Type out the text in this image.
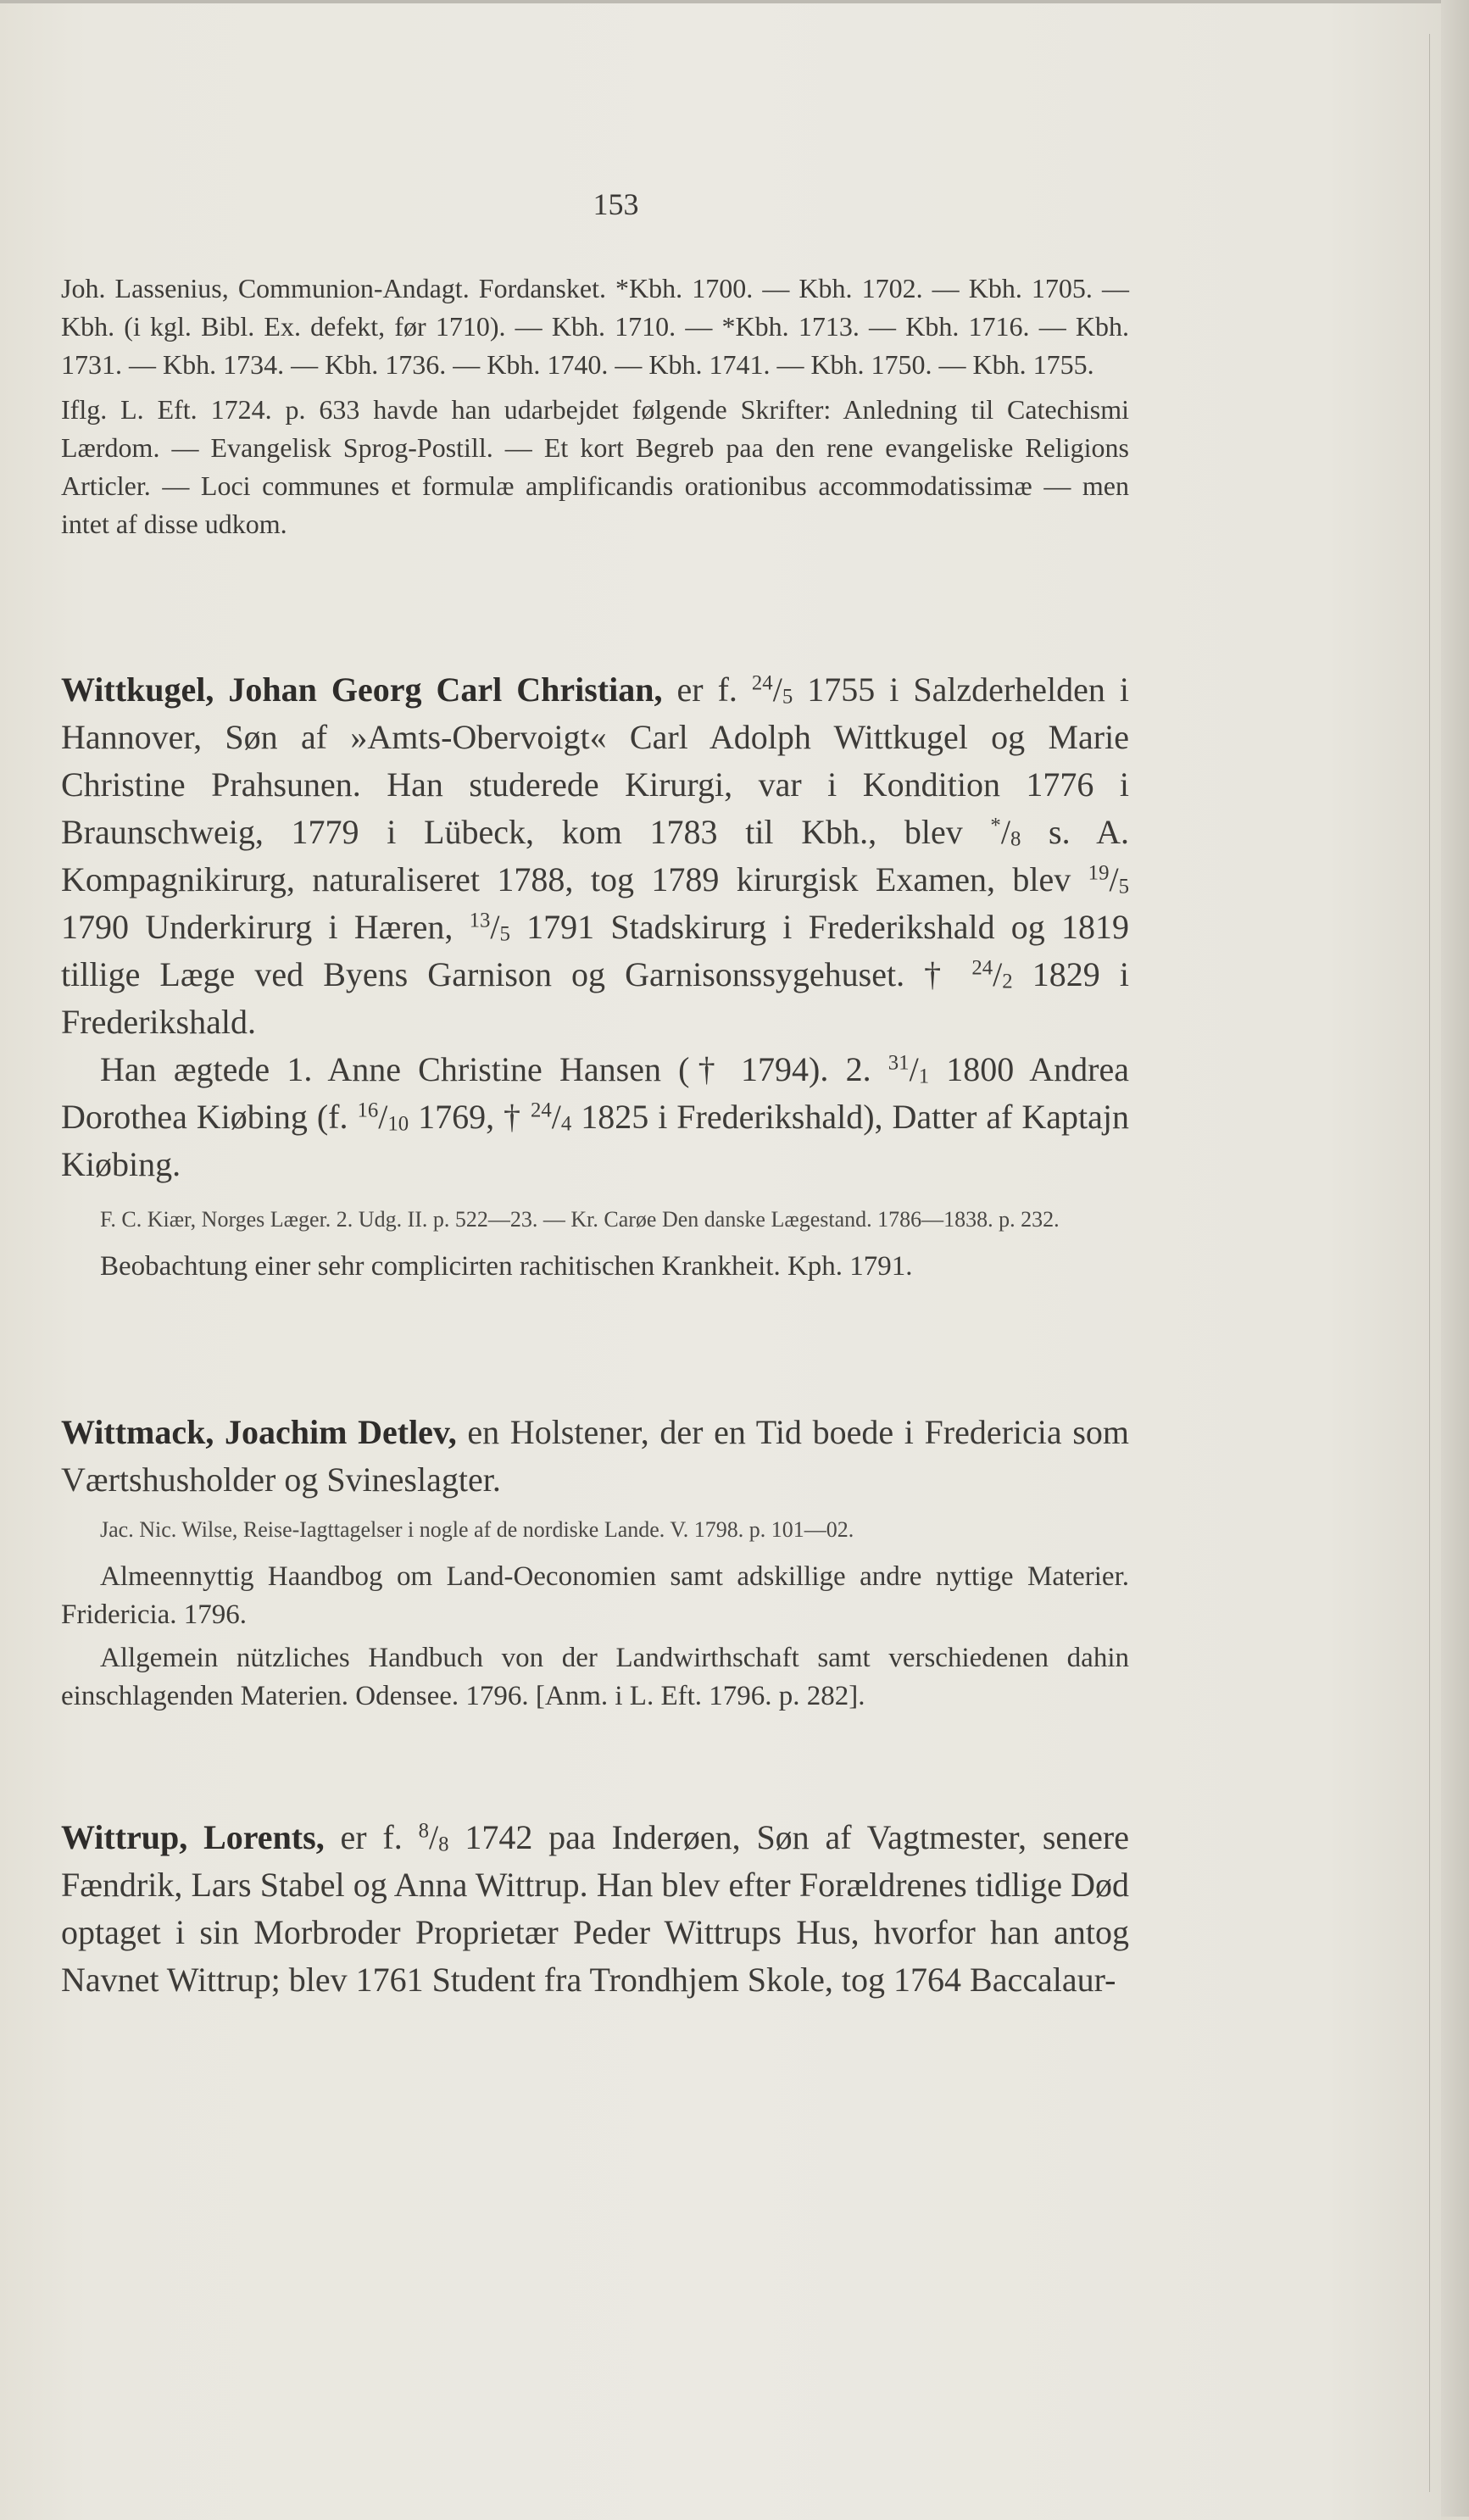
153

Joh. Lassenius, Communion-Andagt. Fordansket. *Kbh. 1700. — Kbh. 1702. — Kbh. 1705. — Kbh. (i kgl. Bibl. Ex. defekt, før 1710). — Kbh. 1710. — *Kbh. 1713. — Kbh. 1716. — Kbh. 1731. — Kbh. 1734. — Kbh. 1736. — Kbh. 1740. — Kbh. 1741. — Kbh. 1750. — Kbh. 1755.

Iflg. L. Eft. 1724. p. 633 havde han udarbejdet følgende Skrifter: Anledning til Catechismi Lærdom. — Evangelisk Sprog-Postill. — Et kort Begreb paa den rene evangeliske Religions Articler. — Loci communes et formulæ amplificandis orationibus accommodatissimæ — men intet af disse udkom.

Wittkugel, Johan Georg Carl Christian, er f. $^{24}/_5$ 1755 i Salzderhelden i Hannover, Søn af »Amts-Obervoigt« Carl Adolph Wittkugel og Marie Christine Prahsunen. Han studerede Kirurgi, var i Kondition 1776 i Braunschweig, 1779 i Lübeck, kom 1783 til Kbh., blev $^*/_8$ s. A. Kompagnikirurg, naturaliseret 1788, tog 1789 kirurgisk Examen, blev $^{19}/_5$ 1790 Underkirurg i Hæren, $^{13}/_5$ 1791 Stadskirurg i Frederikshald og 1819 tillige Læge ved Byens Garnison og Garnisonssygehuset. † $^{24}/_2$ 1829 i Frederikshald.

Han ægtede 1. Anne Christine Hansen († 1794). 2. $^{31}/_1$ 1800 Andrea Dorothea Kiøbing (f. $^{16}/_{10}$ 1769, † $^{24}/_4$ 1825 i Frederikshald), Datter af Kaptajn Kiøbing.

F. C. Kiær, Norges Læger. 2. Udg. II. p. 522—23. — Kr. Carøe Den danske Lægestand. 1786—1838. p. 232.

Beobachtung einer sehr complicirten rachitischen Krankheit. Kph. 1791.

Wittmack, Joachim Detlev, en Holstener, der en Tid boede i Fredericia som Værtshusholder og Svineslagter.

Jac. Nic. Wilse, Reise-Iagttagelser i nogle af de nordiske Lande. V. 1798. p. 101—02.

Almeennyttig Haandbog om Land-Oeconomien samt adskillige andre nyttige Materier. Fridericia. 1796.

Allgemein nützliches Handbuch von der Landwirthschaft samt verschiedenen dahin einschlagenden Materien. Odensee. 1796. [Anm. i L. Eft. 1796. p. 282].

Wittrup, Lorents, er f. $^8/_8$ 1742 paa Inderøen, Søn af Vagtmester, senere Fændrik, Lars Stabel og Anna Wittrup. Han blev efter Forældrenes tidlige Død optaget i sin Morbroder Proprietær Peder Wittrups Hus, hvorfor han antog Navnet Wittrup; blev 1761 Student fra Trondhjem Skole, tog 1764 Baccalaur-
